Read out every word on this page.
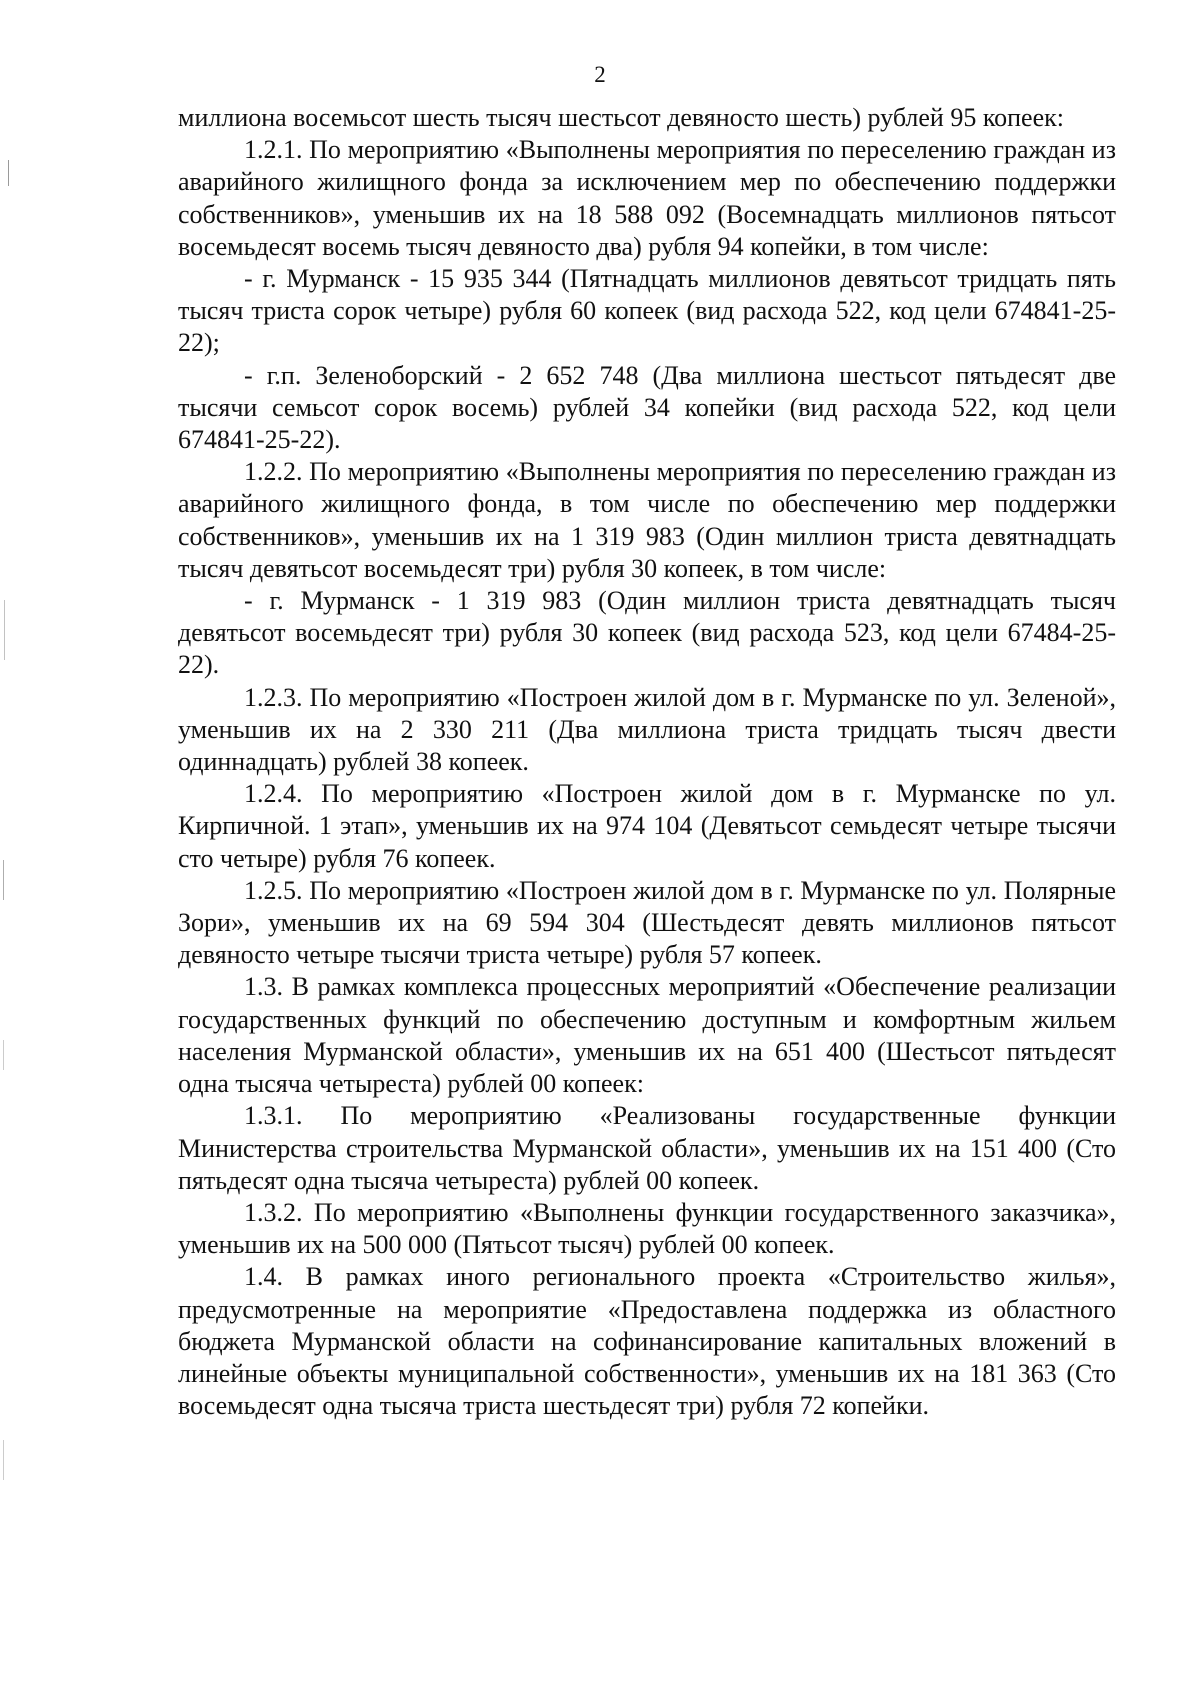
2

миллиона восемьсот шесть тысяч шестьсот девяносто шесть) рублей 95 копеек:

1.2.1. По мероприятию «Выполнены мероприятия по переселению граждан из аварийного жилищного фонда за исключением мер по обеспечению поддержки собственников», уменьшив их на 18 588 092 (Восемнадцать миллионов пятьсот восемьдесят восемь тысяч девяносто два) рубля 94 копейки, в том числе:

- г. Мурманск - 15 935 344 (Пятнадцать миллионов девятьсот тридцать пять тысяч триста сорок четыре) рубля 60 копеек (вид расхода 522, код цели 674841-25-22);

- г.п. Зеленоборский - 2 652 748 (Два миллиона шестьсот пятьдесят две тысячи семьсот сорок восемь) рублей 34 копейки (вид расхода 522, код цели 674841-25-22).

1.2.2. По мероприятию «Выполнены мероприятия по переселению граждан из аварийного жилищного фонда, в том числе по обеспечению мер поддержки собственников», уменьшив их на 1 319 983 (Один миллион триста девятнадцать тысяч девятьсот восемьдесят три) рубля 30 копеек, в том числе:

- г. Мурманск - 1 319 983 (Один миллион триста девятнадцать тысяч девятьсот восемьдесят три) рубля 30 копеек (вид расхода 523, код цели 67484-25-22).

1.2.3. По мероприятию «Построен жилой дом в г. Мурманске по ул. Зеленой», уменьшив их на 2 330 211 (Два миллиона триста тридцать тысяч двести одиннадцать) рублей 38 копеек.

1.2.4. По мероприятию «Построен жилой дом в г. Мурманске по ул. Кирпичной. 1 этап», уменьшив их на 974 104 (Девятьсот семьдесят четыре тысячи сто четыре) рубля 76 копеек.

1.2.5. По мероприятию «Построен жилой дом в г. Мурманске по ул. Полярные Зори», уменьшив их на 69 594 304 (Шестьдесят девять миллионов пятьсот девяносто четыре тысячи триста четыре) рубля 57 копеек.

1.3. В рамках комплекса процессных мероприятий «Обеспечение реализации государственных функций по обеспечению доступным и комфортным жильем населения Мурманской области», уменьшив их на 651 400 (Шестьсот пятьдесят одна тысяча четыреста) рублей 00 копеек:

1.3.1. По мероприятию «Реализованы государственные функции Министерства строительства Мурманской области», уменьшив их на 151 400 (Сто пятьдесят одна тысяча четыреста) рублей 00 копеек.

1.3.2. По мероприятию «Выполнены функции государственного заказчика», уменьшив их на 500 000 (Пятьсот тысяч) рублей 00 копеек.

1.4. В рамках иного регионального проекта «Строительство жилья», предусмотренные на мероприятие «Предоставлена поддержка из областного бюджета Мурманской области на софинансирование капитальных вложений в линейные объекты муниципальной собственности», уменьшив их на 181 363 (Сто восемьдесят одна тысяча триста шестьдесят три) рубля 72 копейки.
